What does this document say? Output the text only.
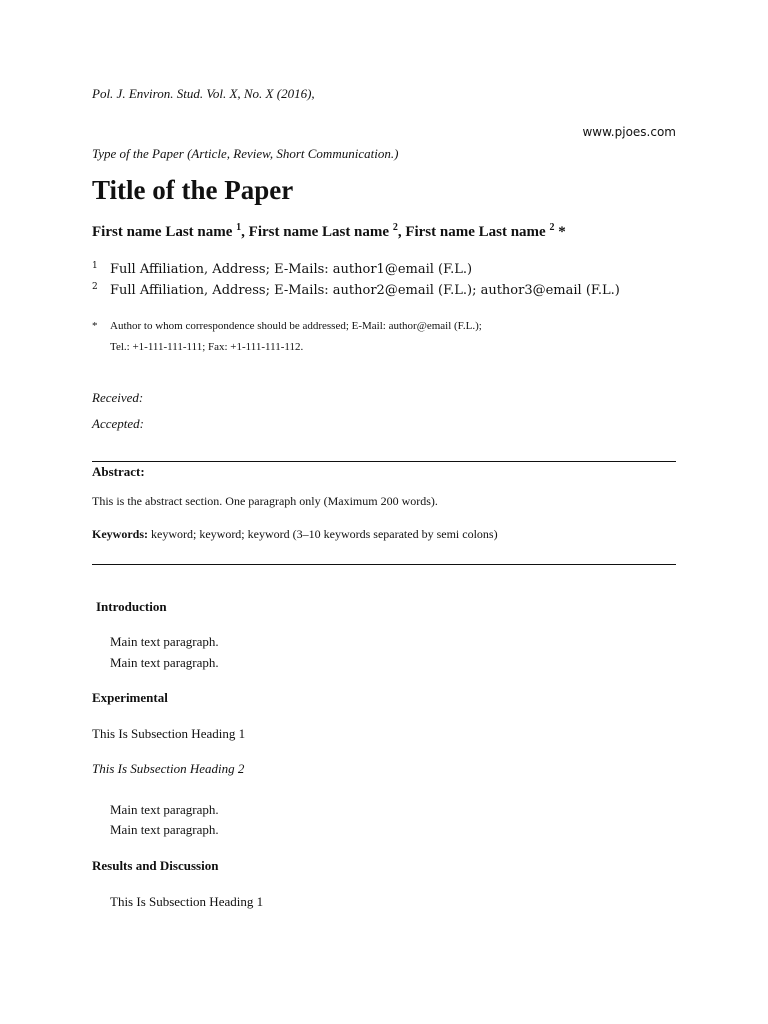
Pol. J. Environ. Stud. Vol. X, No. X (2016),
www.pjoes.com
Type of the Paper (Article, Review, Short Communication.)
Title of the Paper
First name Last name $^1$, First name Last name $^2$, First name Last name $^2$ *
1 Full Affiliation, Address; E-Mails: author1@email (F.L.)
2 Full Affiliation, Address; E-Mails: author2@email (F.L.); author3@email (F.L.)
* Author to whom correspondence should be addressed; E-Mail: author@email (F.L.);
Tel.: +1-111-111-111; Fax: +1-111-111-112.
Received:
Accepted:
Abstract:
This is the abstract section. One paragraph only (Maximum 200 words).
Keywords: keyword; keyword; keyword (3–10 keywords separated by semi colons)
Introduction
Main text paragraph.
Main text paragraph.
Experimental
This Is Subsection Heading 1
This Is Subsection Heading 2
Main text paragraph.
Main text paragraph.
Results and Discussion
This Is Subsection Heading 1
